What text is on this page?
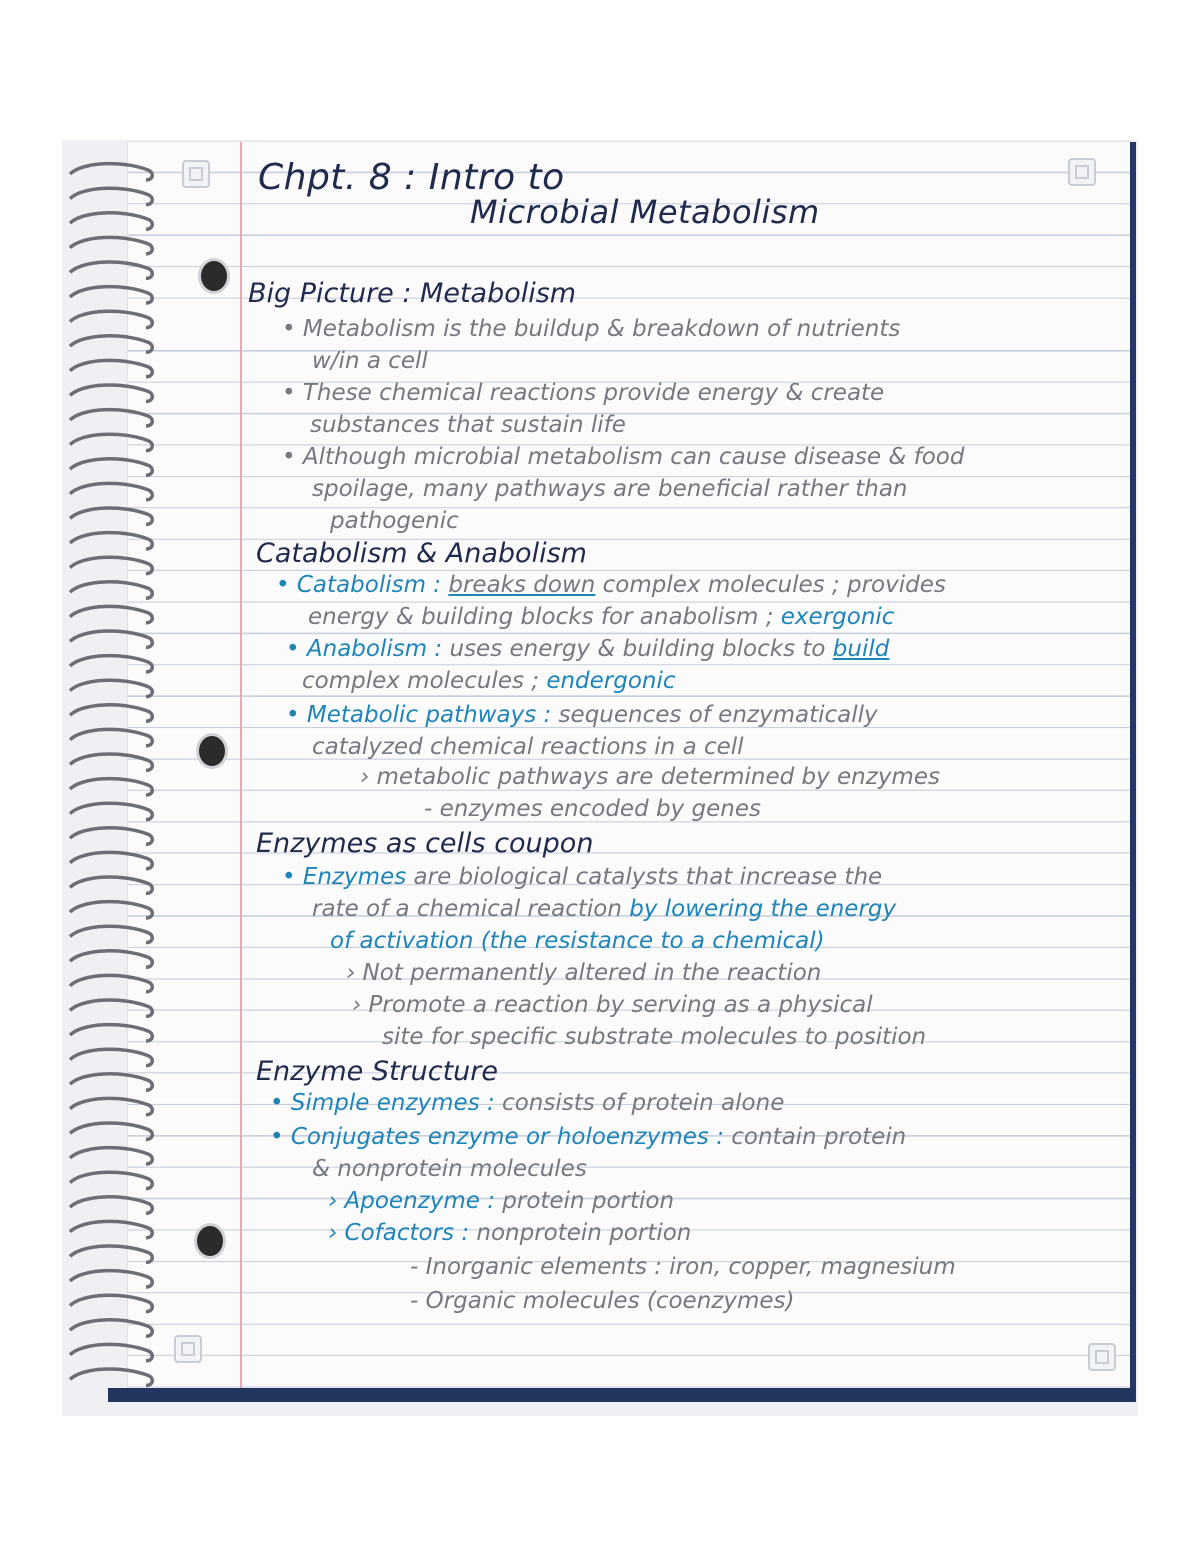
Chpt. 8 : Intro to
Microbial Metabolism
Big Picture : Metabolism
• Metabolism is the buildup & breakdown of nutrients
w/in a cell
• These chemical reactions provide energy & create
substances that sustain life
• Although microbial metabolism can cause disease & food
spoilage, many pathways are beneficial rather than
pathogenic
Catabolism & Anabolism
• Catabolism : breaks down complex molecules ; provides
energy & building blocks for anabolism ; exergonic
• Anabolism : uses energy & building blocks to build
complex molecules ; endergonic
• Metabolic pathways : sequences of enzymatically
catalyzed chemical reactions in a cell
› metabolic pathways are determined by enzymes
- enzymes encoded by genes
Enzymes as cells coupon
• Enzymes are biological catalysts that increase the
rate of a chemical reaction by lowering the energy
of activation (the resistance to a chemical)
› Not permanently altered in the reaction
› Promote a reaction by serving as a physical
site for specific substrate molecules to position
Enzyme Structure
• Simple enzymes : consists of protein alone
• Conjugates enzyme or holoenzymes : contain protein
& nonprotein molecules
› Apoenzyme : protein portion
› Cofactors : nonprotein portion
- Inorganic elements : iron, copper, magnesium
- Organic molecules (coenzymes)
